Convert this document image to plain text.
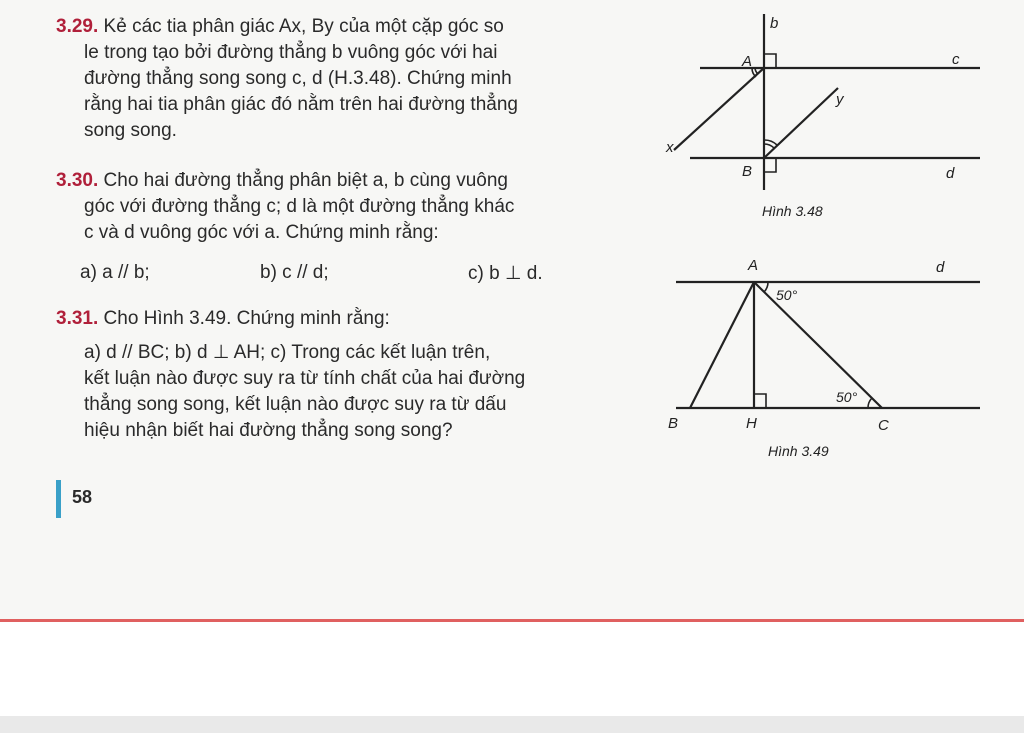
3.29. Kẻ các tia phân giác Ax, By của một cặp góc so

le trong tạo bởi đường thẳng b vuông góc với hai

đường thẳng song song c, d (H.3.48). Chứng minh

rằng hai tia phân giác đó nằm trên hai đường thẳng

song song.

3.30. Cho hai đường thẳng phân biệt a, b cùng vuông

góc với đường thẳng c; d là một đường thẳng khác

c và d vuông góc với a. Chứng minh rằng:

a) a // b;	b) c // d;	c) b ⊥ d.

3.31. Cho Hình 3.49. Chứng minh rằng:

a) d // BC; b) d ⊥ AH; c) Trong các kết luận trên,

kết luận nào được suy ra từ tính chất của hai đường

thẳng song song, kết luận nào được suy ra từ dấu

hiệu nhận biết hai đường thẳng song song?

b
A	c
y
x
B	d
Hình 3.48
A	d
50°
50°
B	H	C
Hình 3.49
58
